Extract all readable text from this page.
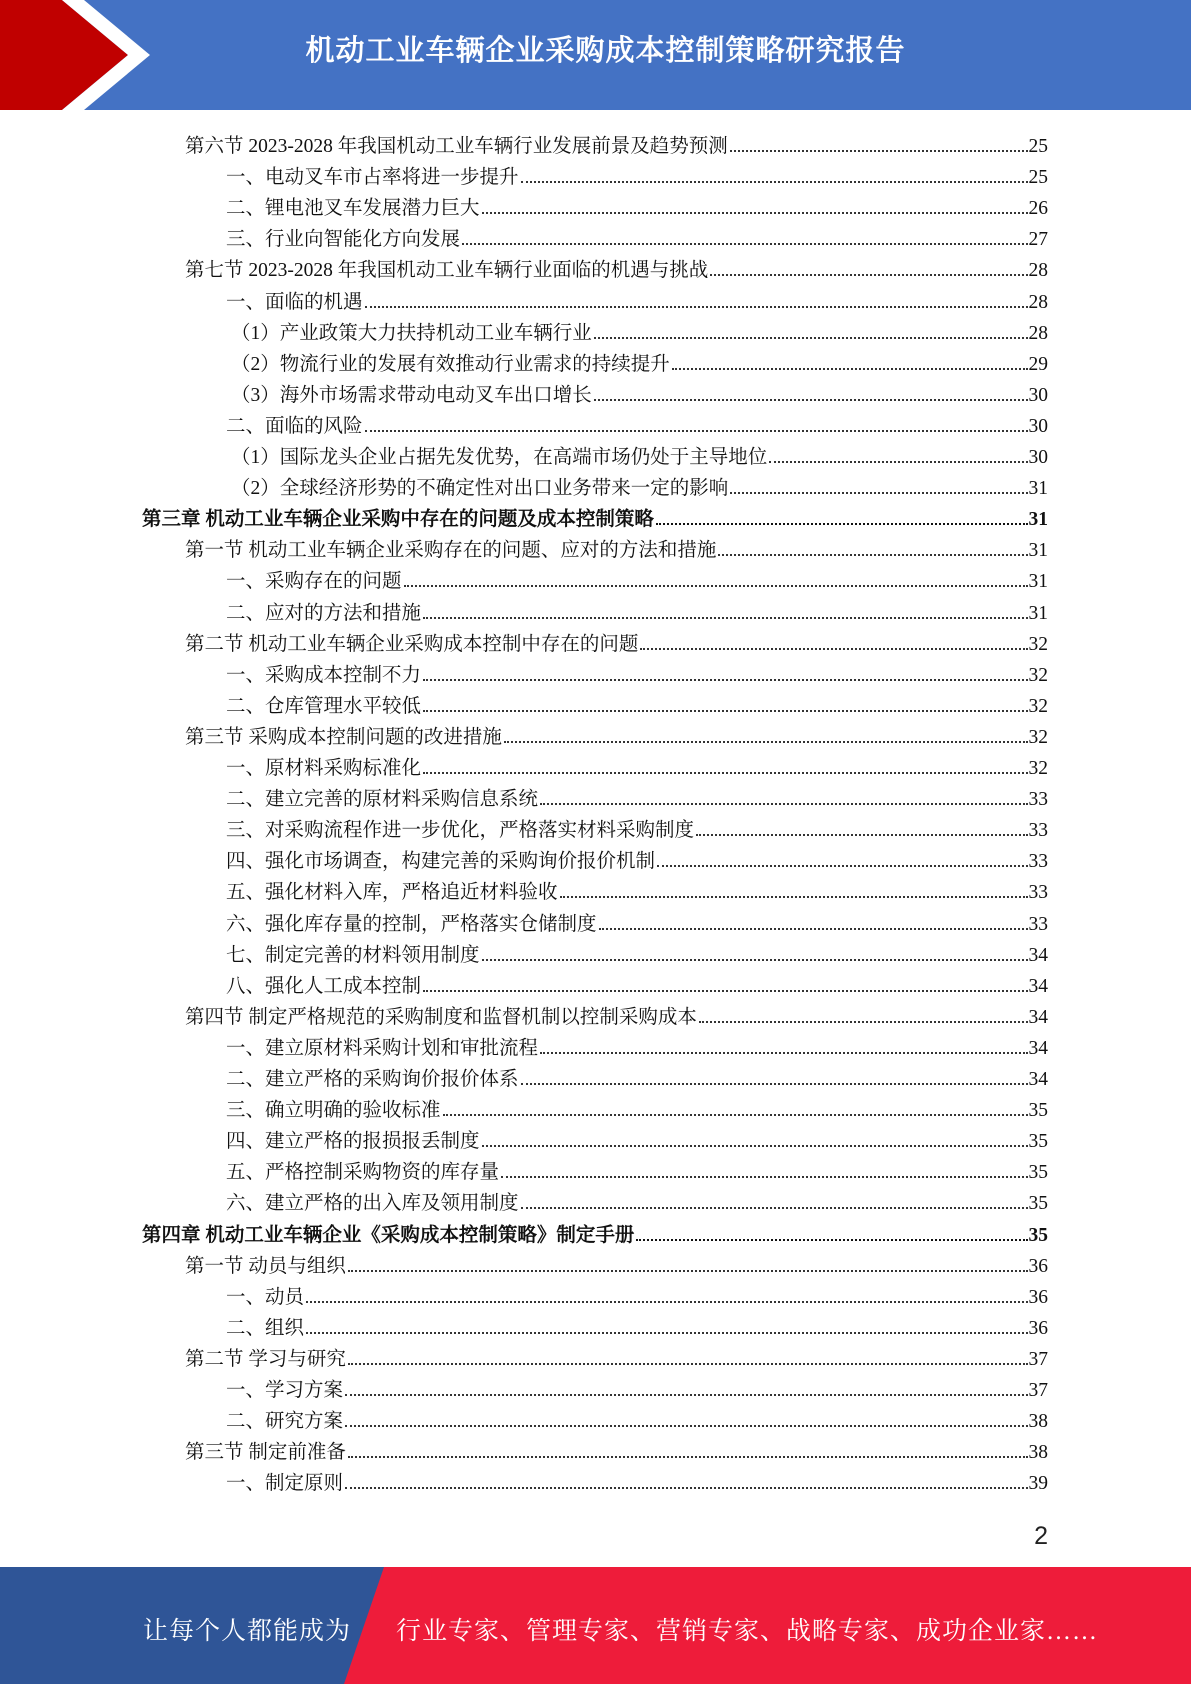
机动工业车辆企业采购成本控制策略研究报告
第六节 2023-2028 年我国机动工业车辆行业发展前景及趋势预测	25
一、电动叉车市占率将进一步提升	25
二、锂电池叉车发展潜力巨大	26
三、行业向智能化方向发展	27
第七节 2023-2028 年我国机动工业车辆行业面临的机遇与挑战	28
一、面临的机遇	28
（1）产业政策大力扶持机动工业车辆行业	28
（2）物流行业的发展有效推动行业需求的持续提升	29
（3）海外市场需求带动电动叉车出口增长	30
二、面临的风险	30
（1）国际龙头企业占据先发优势，在高端市场仍处于主导地位	30
（2）全球经济形势的不确定性对出口业务带来一定的影响	31
第三章 机动工业车辆企业采购中存在的问题及成本控制策略	31
第一节 机动工业车辆企业采购存在的问题、应对的方法和措施	31
一、采购存在的问题	31
二、应对的方法和措施	31
第二节 机动工业车辆企业采购成本控制中存在的问题	32
一、采购成本控制不力	32
二、仓库管理水平较低	32
第三节 采购成本控制问题的改进措施	32
一、原材料采购标准化	32
二、建立完善的原材料采购信息系统	33
三、对采购流程作进一步优化，严格落实材料采购制度	33
四、强化市场调查，构建完善的采购询价报价机制	33
五、强化材料入库，严格追近材料验收	33
六、强化库存量的控制，严格落实仓储制度	33
七、制定完善的材料领用制度	34
八、强化人工成本控制	34
第四节 制定严格规范的采购制度和监督机制以控制采购成本	34
一、建立原材料采购计划和审批流程	34
二、建立严格的采购询价报价体系	34
三、确立明确的验收标准	35
四、建立严格的报损报丢制度	35
五、严格控制采购物资的库存量	35
六、建立严格的出入库及领用制度	35
第四章 机动工业车辆企业《采购成本控制策略》制定手册	35
第一节 动员与组织	36
一、动员	36
二、组织	36
第二节 学习与研究	37
一、学习方案	37
二、研究方案	38
第三节 制定前准备	38
一、制定原则	39
2
让每个人都能成为 行业专家、管理专家、营销专家、战略专家、成功企业家……
